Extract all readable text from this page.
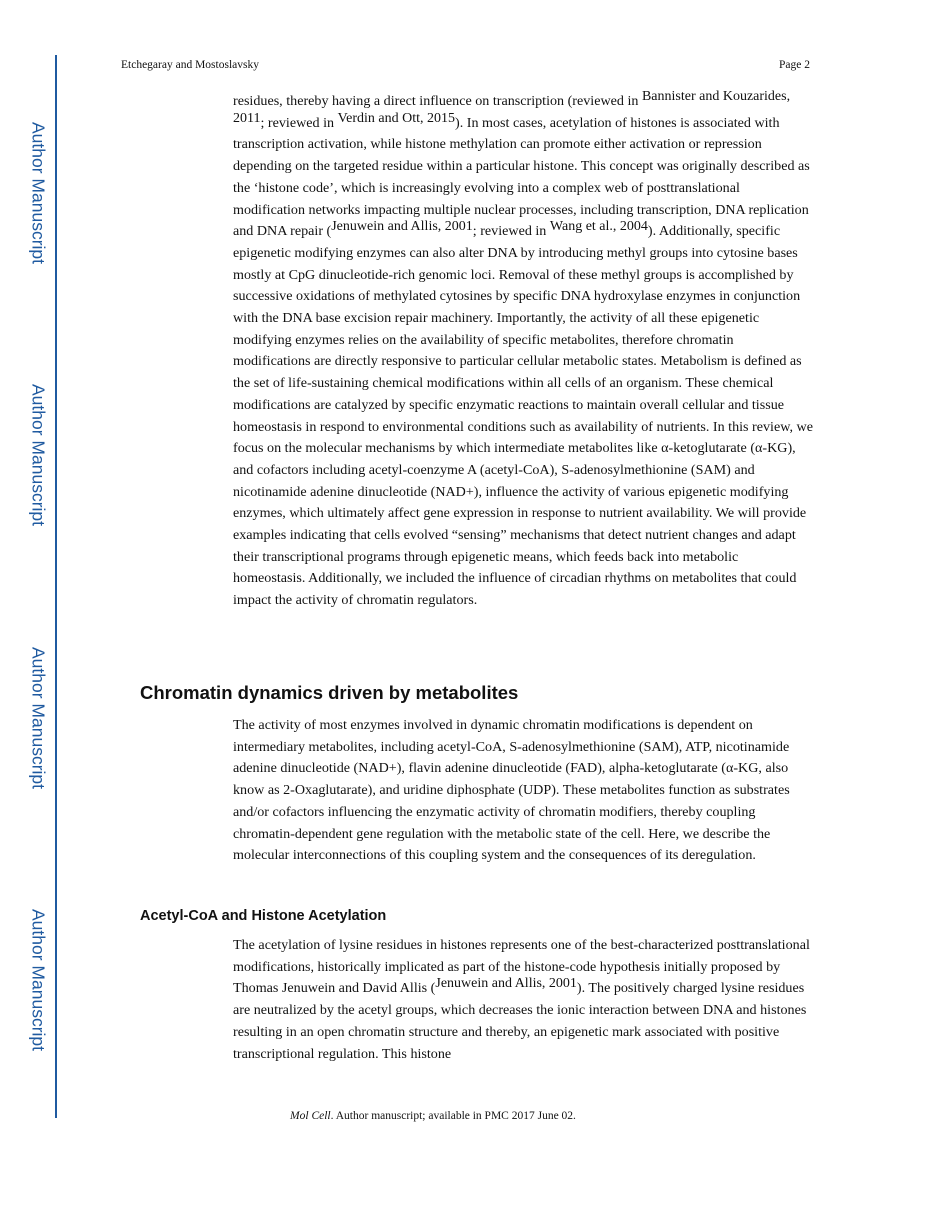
Author Manuscript
Author Manuscript
Author Manuscript
Author Manuscript
Etchegaray and Mostoslavsky	Page 2

residues, thereby having a direct influence on transcription (reviewed in Bannister and Kouzarides, 2011; reviewed in Verdin and Ott, 2015). In most cases, acetylation of histones is associated with transcription activation, while histone methylation can promote either activation or repression depending on the targeted residue within a particular histone. This concept was originally described as the ‘histone code’, which is increasingly evolving into a complex web of posttranslational modification networks impacting multiple nuclear processes, including transcription, DNA replication and DNA repair (Jenuwein and Allis, 2001; reviewed in Wang et al., 2004). Additionally, specific epigenetic modifying enzymes can also alter DNA by introducing methyl groups into cytosine bases mostly at CpG dinucleotide-rich genomic loci. Removal of these methyl groups is accomplished by successive oxidations of methylated cytosines by specific DNA hydroxylase enzymes in conjunction with the DNA base excision repair machinery. Importantly, the activity of all these epigenetic modifying enzymes relies on the availability of specific metabolites, therefore chromatin modifications are directly responsive to particular cellular metabolic states. Metabolism is defined as the set of life-sustaining chemical modifications within all cells of an organism. These chemical modifications are catalyzed by specific enzymatic reactions to maintain overall cellular and tissue homeostasis in respond to environmental conditions such as availability of nutrients. In this review, we focus on the molecular mechanisms by which intermediate metabolites like α-ketoglutarate (α-KG), and cofactors including acetyl-coenzyme A (acetyl-CoA), S-adenosylmethionine (SAM) and nicotinamide adenine dinucleotide (NAD+), influence the activity of various epigenetic modifying enzymes, which ultimately affect gene expression in response to nutrient availability. We will provide examples indicating that cells evolved “sensing” mechanisms that detect nutrient changes and adapt their transcriptional programs through epigenetic means, which feeds back into metabolic homeostasis. Additionally, we included the influence of circadian rhythms on metabolites that could impact the activity of chromatin regulators.

Chromatin dynamics driven by metabolites

The activity of most enzymes involved in dynamic chromatin modifications is dependent on intermediary metabolites, including acetyl-CoA, S-adenosylmethionine (SAM), ATP, nicotinamide adenine dinucleotide (NAD+), flavin adenine dinucleotide (FAD), alpha-ketoglutarate (α-KG, also know as 2-Oxaglutarate), and uridine diphosphate (UDP). These metabolites function as substrates and/or cofactors influencing the enzymatic activity of chromatin modifiers, thereby coupling chromatin-dependent gene regulation with the metabolic state of the cell. Here, we describe the molecular interconnections of this coupling system and the consequences of its deregulation.

Acetyl-CoA and Histone Acetylation

The acetylation of lysine residues in histones represents one of the best-characterized posttranslational modifications, historically implicated as part of the histone-code hypothesis initially proposed by Thomas Jenuwein and David Allis (Jenuwein and Allis, 2001). The positively charged lysine residues are neutralized by the acetyl groups, which decreases the ionic interaction between DNA and histones resulting in an open chromatin structure and thereby, an epigenetic mark associated with positive transcriptional regulation. This histone

Mol Cell. Author manuscript; available in PMC 2017 June 02.
